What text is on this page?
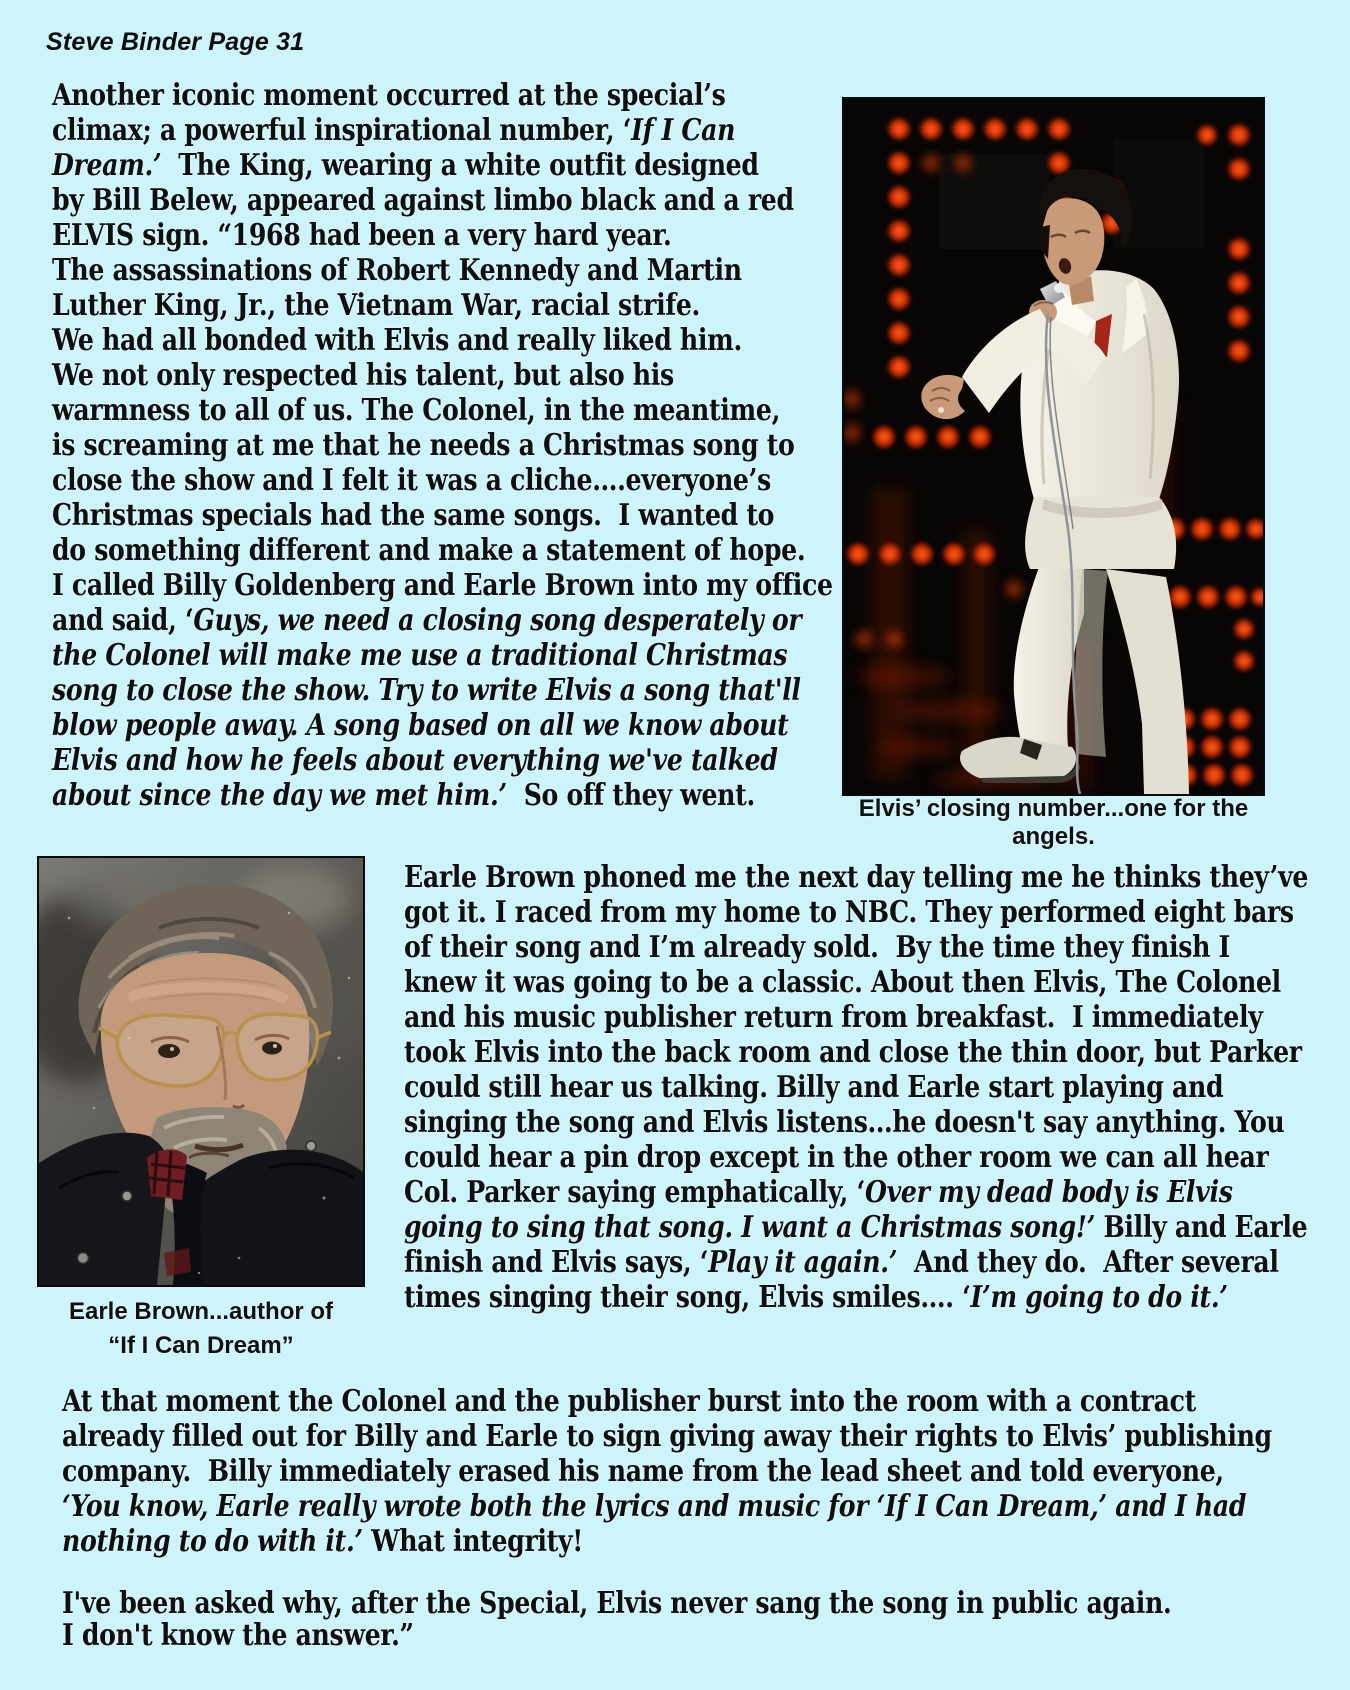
Steve Binder Page 31
Another iconic moment occurred at the special’s
climax; a powerful inspirational number, ‘If I Can
Dream.’  The King, wearing a white outfit designed
by Bill Belew, appeared against limbo black and a red
ELVIS sign. “1968 had been a very hard year.
The assassinations of Robert Kennedy and Martin
Luther King, Jr., the Vietnam War, racial strife.
We had all bonded with Elvis and really liked him.
We not only respected his talent, but also his
warmness to all of us. The Colonel, in the meantime,
is screaming at me that he needs a Christmas song to
close the show and I felt it was a cliche….everyone’s
Christmas specials had the same songs.  I wanted to
do something different and make a statement of hope.
I called Billy Goldenberg and Earle Brown into my office
and said, ‘Guys, we need a closing song desperately or
the Colonel will make me use a traditional Christmas
song to close the show. Try to write Elvis a song that'll
blow people away. A song based on all we know about
Elvis and how he feels about everything we've talked
about since the day we met him.’  So off they went.
Earle Brown phoned me the next day telling me he thinks they’ve
got it. I raced from my home to NBC. They performed eight bars
of their song and I’m already sold.  By the time they finish I
knew it was going to be a classic. About then Elvis, The Colonel
and his music publisher return from breakfast.  I immediately
took Elvis into the back room and close the thin door, but Parker
could still hear us talking. Billy and Earle start playing and
singing the song and Elvis listens…he doesn't say anything. You
could hear a pin drop except in the other room we can all hear
Col. Parker saying emphatically, ‘Over my dead body is Elvis
going to sing that song. I want a Christmas song!’ Billy and Earle
finish and Elvis says, ‘Play it again.’  And they do.  After several
times singing their song, Elvis smiles…. ‘I’m going to do it.’
At that moment the Colonel and the publisher burst into the room with a contract
already filled out for Billy and Earle to sign giving away their rights to Elvis’ publishing
company.  Billy immediately erased his name from the lead sheet and told everyone,
‘You know, Earle really wrote both the lyrics and music for ‘If I Can Dream,’ and I had
nothing to do with it.’ What integrity!
I've been asked why, after the Special, Elvis never sang the song in public again.
I don't know the answer.”
Elvis’ closing number...one for the angels.
Earle Brown...author of
“If I Can Dream”
